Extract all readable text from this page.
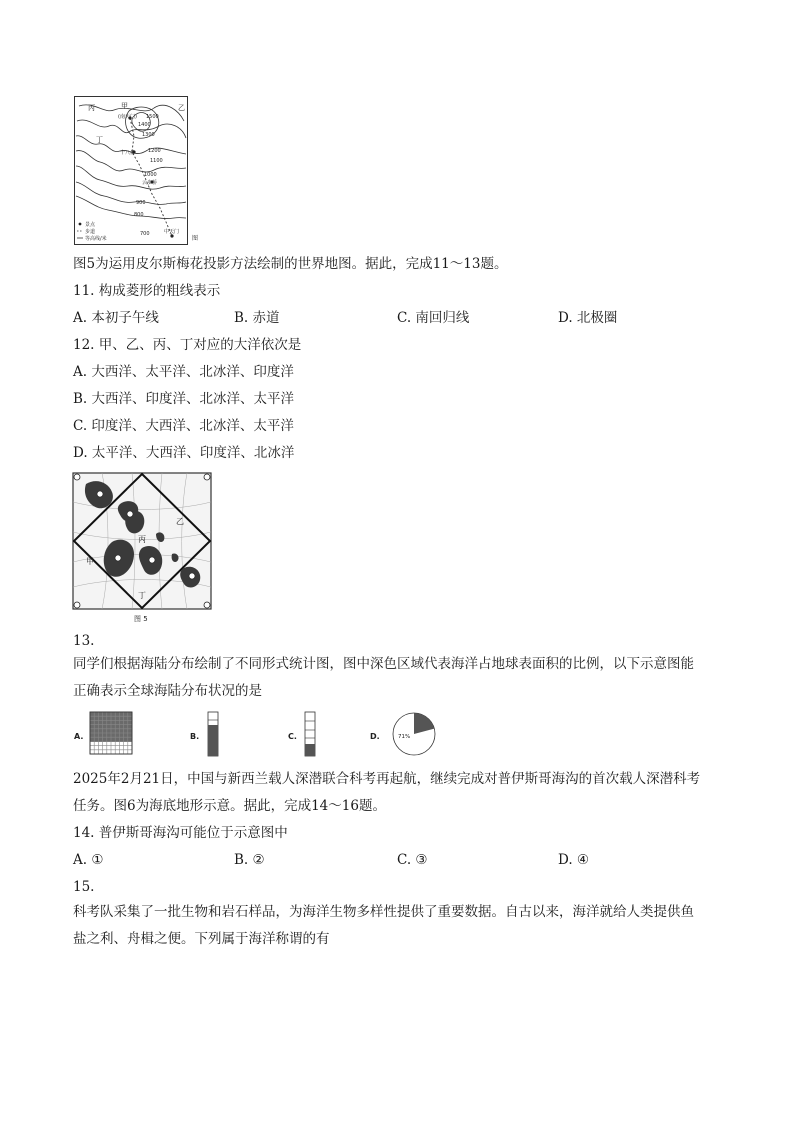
丙	甲	乙
丁
(南天门) 1500
1400
1300
十八盘	1200
1100
1000
云步桥
900
800
700	中天门
景点
步道
等高线/米	图
图5为运用皮尔斯梅花投影方法绘制的世界地图。据此，完成11～13题。
11. 构成菱形的粗线表示
A. 本初子午线	B. 赤道	C. 南回归线	D. 北极圈
12. 甲、乙、丙、丁对应的大洋依次是
A. 大西洋、太平洋、北冰洋、印度洋
B. 大西洋、印度洋、北冰洋、太平洋
C. 印度洋、大西洋、北冰洋、太平洋
D. 太平洋、大西洋、印度洋、北冰洋
甲
乙
丙
丁
图 5
13.
同学们根据海陆分布绘制了不同形式统计图，图中深色区域代表海洋占地球表面积的比例，以下示意图能
正确表示全球海陆分布状况的是
A.	B.	C.	D.	71%
2025年2月21日，中国与新西兰载人深潜联合科考再起航，继续完成对普伊斯哥海沟的首次载人深潜科考
任务。图6为海底地形示意。据此，完成14～16题。
14. 普伊斯哥海沟可能位于示意图中
A. ①	B. ②	C. ③	D. ④
15.
科考队采集了一批生物和岩石样品，为海洋生物多样性提供了重要数据。自古以来，海洋就给人类提供鱼
盐之利、舟楫之便。下列属于海洋称谓的有
